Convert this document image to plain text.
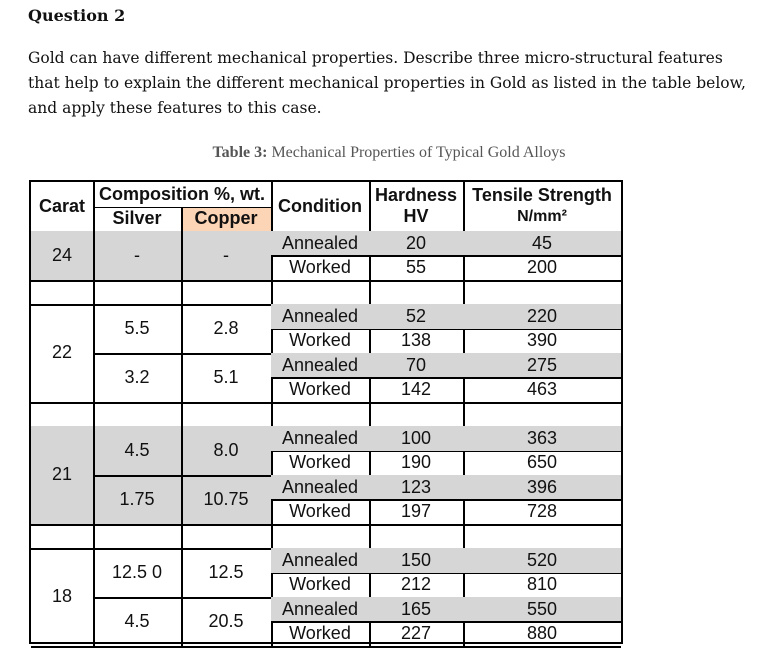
Question 2
Gold can have different mechanical properties. Describe three micro-structural features that help to explain the different mechanical properties in Gold as listed in the table below, and apply these features to this case.
Table 3: Mechanical Properties of Typical Gold Alloys
Carat
Composition %, wt.
Silver	Copper
Condition
Hardness
HV
Tensile Strength
N/mm²
24	-	-
Annealed	20	45
Worked	55	200
22
5.5	2.8
Annealed	52	220
Worked	138	390
3.2	5.1
Annealed	70	275
Worked	142	463
21
4.5	8.0
Annealed	100	363
Worked	190	650
1.75	10.75
Annealed	123	396
Worked	197	728
18
12.5 0	12.5
Annealed	150	520
Worked	212	810
4.5	20.5
Annealed	165	550
Worked	227	880
